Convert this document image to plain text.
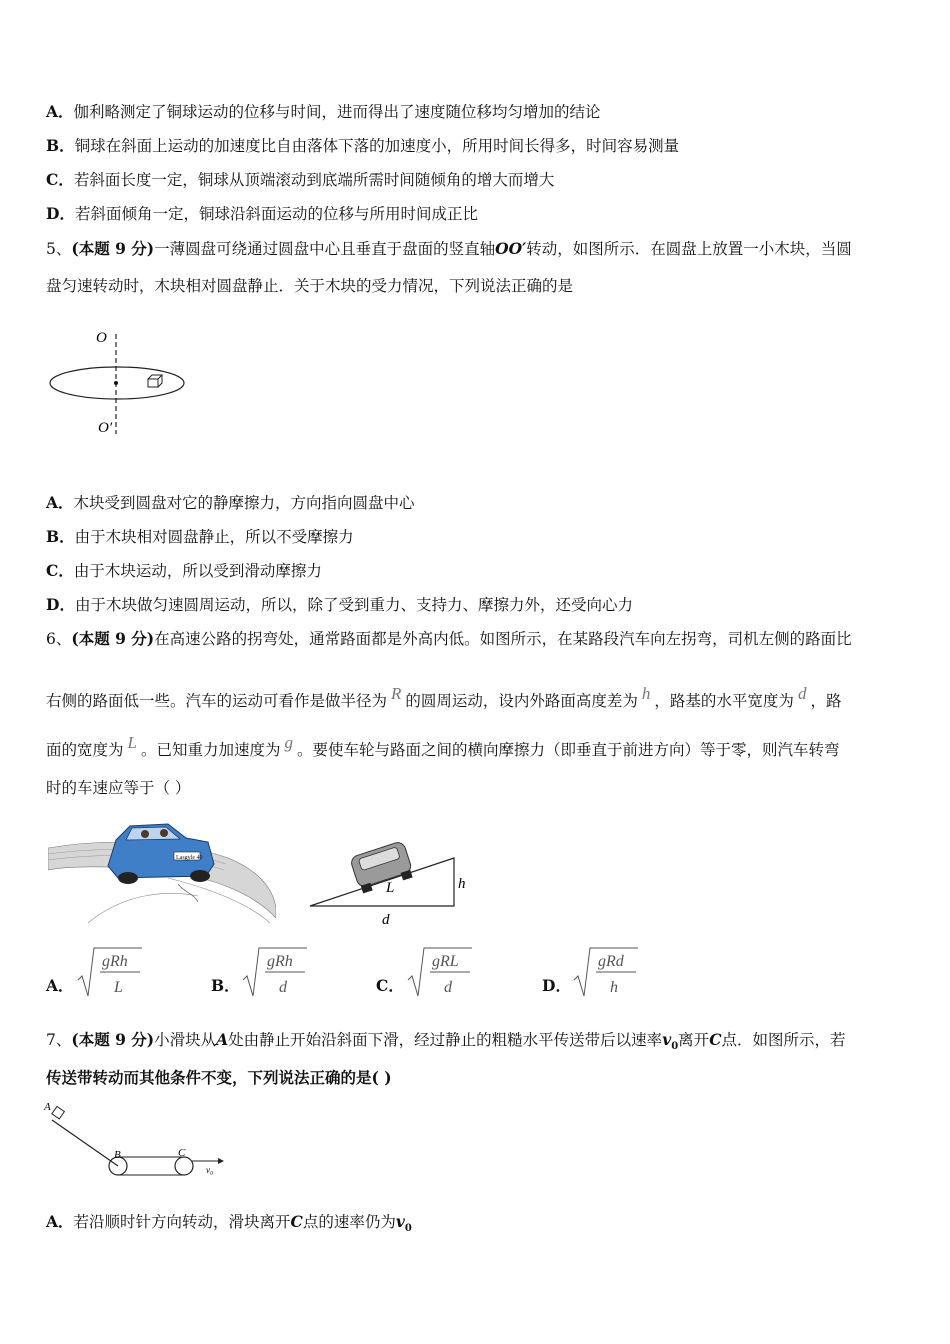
A．伽利略测定了铜球运动的位移与时间，进而得出了速度随位移均匀增加的结论
B．铜球在斜面上运动的加速度比自由落体下落的加速度小，所用时间长得多，时间容易测量
C．若斜面长度一定，铜球从顶端滚动到底端所需时间随倾角的增大而增大
D．若斜面倾角一定，铜球沿斜面运动的位移与所用时间成正比
5、(本题 9 分)一薄圆盘可绕通过圆盘中心且垂直于盘面的竖直轴OO′转动，如图所示．在圆盘上放置一小木块，当圆
盘匀速转动时，木块相对圆盘静止．关于木块的受力情况，下列说法正确的是
O
O′
A．木块受到圆盘对它的静摩擦力，方向指向圆盘中心
B．由于木块相对圆盘静止，所以不受摩擦力
C．由于木块运动，所以受到滑动摩擦力
D．由于木块做匀速圆周运动，所以，除了受到重力、支持力、摩擦力外，还受向心力
6、(本题 9 分)在高速公路的拐弯处，通常路面都是外高内低。如图所示，在某路段汽车向左拐弯，司机左侧的路面比
右侧的路面低一些。汽车的运动可看作是做半径为 R 的圆周运动，设内外路面高度差为 h ，路基的水平宽度为 d ，路
面的宽度为 L 。已知重力加速度为 g 。要使车轮与路面之间的横向摩擦力（即垂直于前进方向）等于零，则汽车转弯
时的车速应等于（ ）
Lasgyle 40
L	h
d
A．
gRh
L	B．
gRh
d	C．
gRL
d	D．
gRd
h
7、(本题 9 分)小滑块从A处由静止开始沿斜面下滑，经过静止的粗糙水平传送带后以速率$v_0$离开C点．如图所示，若
传送带转动而其他条件不变，下列说法正确的是( )
A
B	C
v₀
A．若沿顺时针方向转动，滑块离开C点的速率仍为$v_0$
